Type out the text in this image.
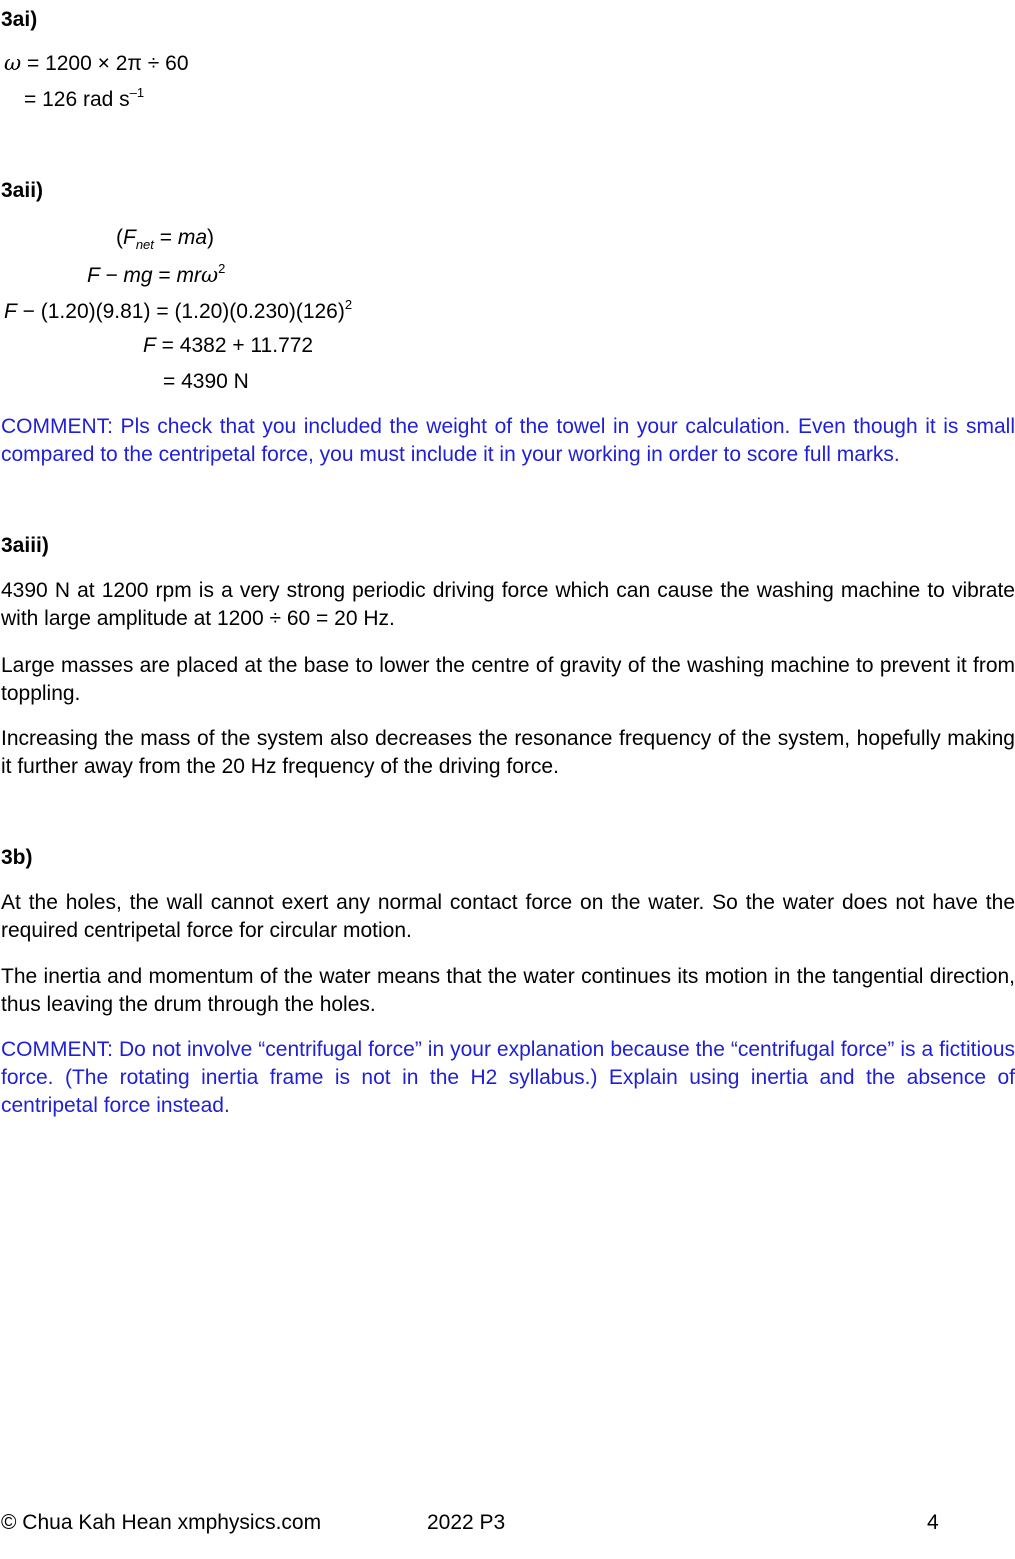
3ai)
ω = 1200 × 2π ÷ 60
= 126 rad $s^{-1}$
3aii)
$(F_{net} = ma)$
F − mg = mrω$^2$
$F - (1.20)(9.81) = (1.20)(0.230)(126)^2$
F = 4382 + 11.772
= 4390 N
COMMENT: Pls check that you included the weight of the towel in your calculation. Even though it is small compared to the centripetal force, you must include it in your working in order to score full marks.
3aiii)
4390 N at 1200 rpm is a very strong periodic driving force which can cause the washing machine to vibrate with large amplitude at 1200 ÷ 60 = 20 Hz.
Large masses are placed at the base to lower the centre of gravity of the washing machine to prevent it from toppling.
Increasing the mass of the system also decreases the resonance frequency of the system, hopefully making it further away from the 20 Hz frequency of the driving force.
3b)
At the holes, the wall cannot exert any normal contact force on the water. So the water does not have the required centripetal force for circular motion.
The inertia and momentum of the water means that the water continues its motion in the tangential direction, thus leaving the drum through the holes.
COMMENT: Do not involve “centrifugal force” in your explanation because the “centrifugal force” is a fictitious force. (The rotating inertia frame is not in the H2 syllabus.) Explain using inertia and the absence of centripetal force instead.
© Chua Kah Hean xmphysics.com	2022 P3	4
